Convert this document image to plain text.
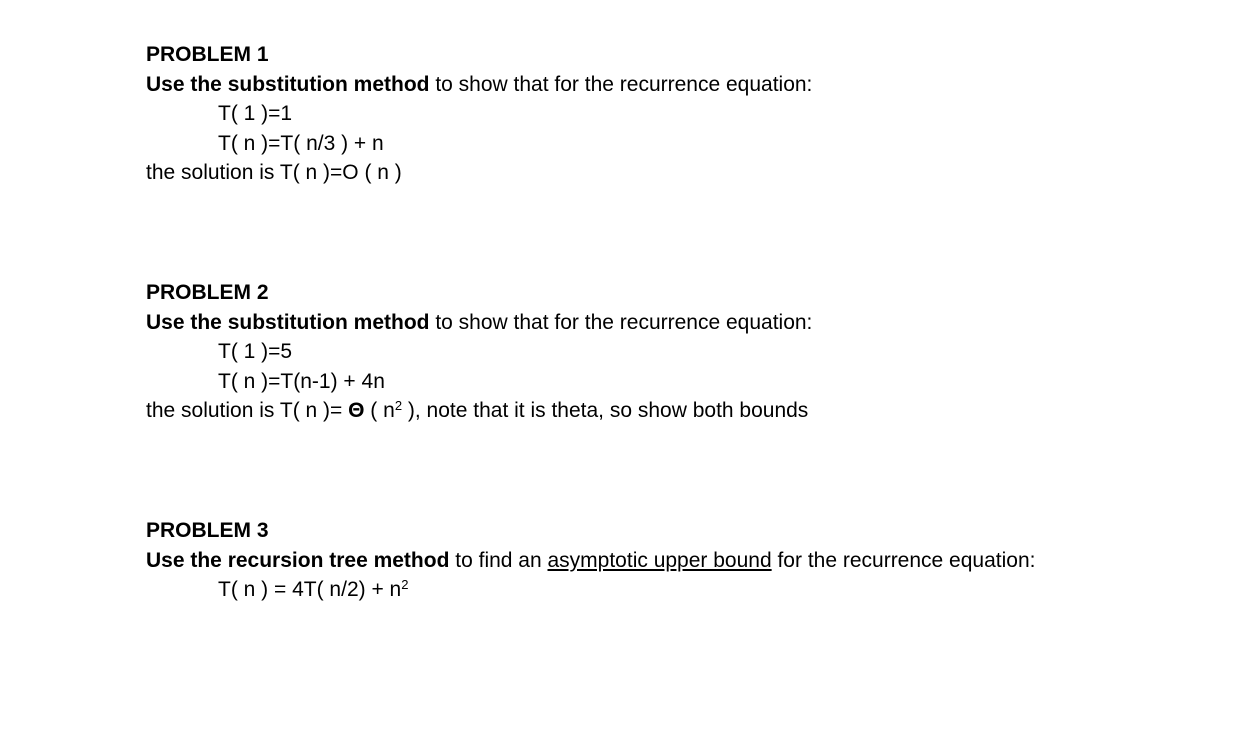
PROBLEM 1
Use the substitution method to show that for the recurrence equation:
T( 1 )=1
T( n )=T( n/3 ) + n
the solution is T( n )=O ( n )
PROBLEM 2
Use the substitution method to show that for the recurrence equation:
T( 1 )=5
T( n )=T(n-1) + 4n
the solution is T( n )= Θ ( $n^2$ ), note that it is theta, so show both bounds
PROBLEM 3
Use the recursion tree method to find an asymptotic upper bound for the recurrence equation:
T( n ) = 4T( $n/2) + n^2$
